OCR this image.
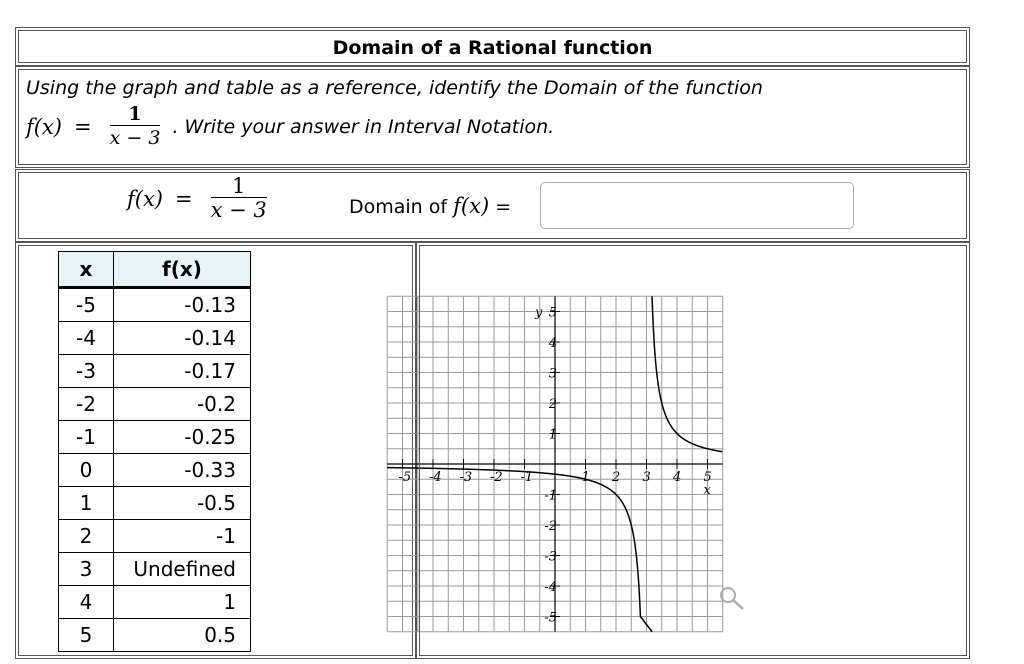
Domain of a Rational function
Using the graph and table as a reference, identify the Domain of the function
$f(x) = \frac{1}{x - 3}$ . Write your answer in Interval Notation.
$f(x) = \frac{1}{x - 3}$	Domain of f(x) =
x	f(x)
-5	-0.13
-4	-0.14
-3	-0.17
-2	-0.2
-1	-0.25
0	-0.33
1	-0.5
2	-1
3	Undefined
4	1
5	0.5
-5 -4 -3 -2 -1	1 2 3 4 5
5
4
3
2
1
-1
-2
-3
-4
-5
x
y
